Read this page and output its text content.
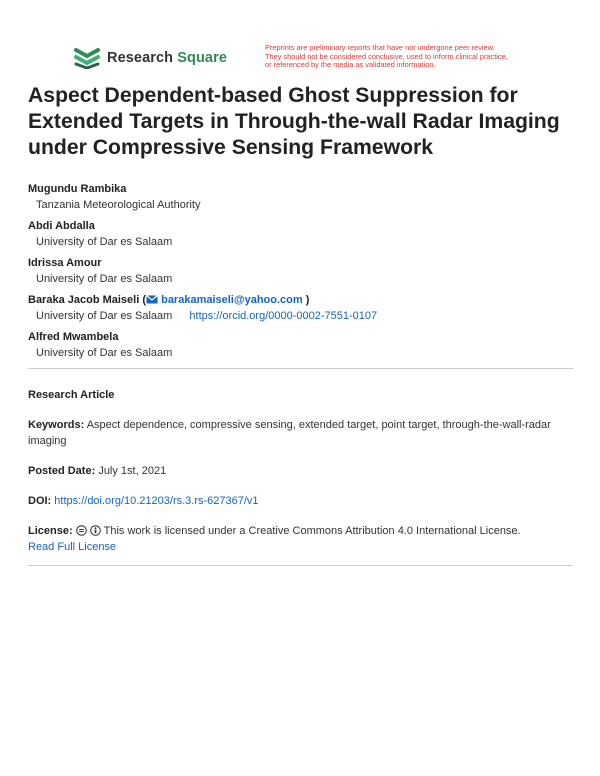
Research Square
Preprints are preliminary reports that have not undergone peer review.
They should not be considered conclusive, used to inform clinical practice,
or referenced by the media as validated information.
Aspect Dependent-based Ghost Suppression for Extended Targets in Through-the-wall Radar Imaging under Compressive Sensing Framework
Mugundu Rambika
Tanzania Meteorological Authority
Abdi Abdalla
University of Dar es Salaam
Idrissa Amour
University of Dar es Salaam
Baraka Jacob Maiseli ( barakamaiseli@yahoo.com )
University of Dar es Salaam https://orcid.org/0000-0002-7551-0107
Alfred Mwambela
University of Dar es Salaam
Research Article
Keywords: Aspect dependence, compressive sensing, extended target, point target, through-the-wall-radar imaging
Posted Date: July 1st, 2021
DOI: https://doi.org/10.21203/rs.3.rs-627367/v1
License:	This work is licensed under a Creative Commons Attribution 4.0 International License.
Read Full License
